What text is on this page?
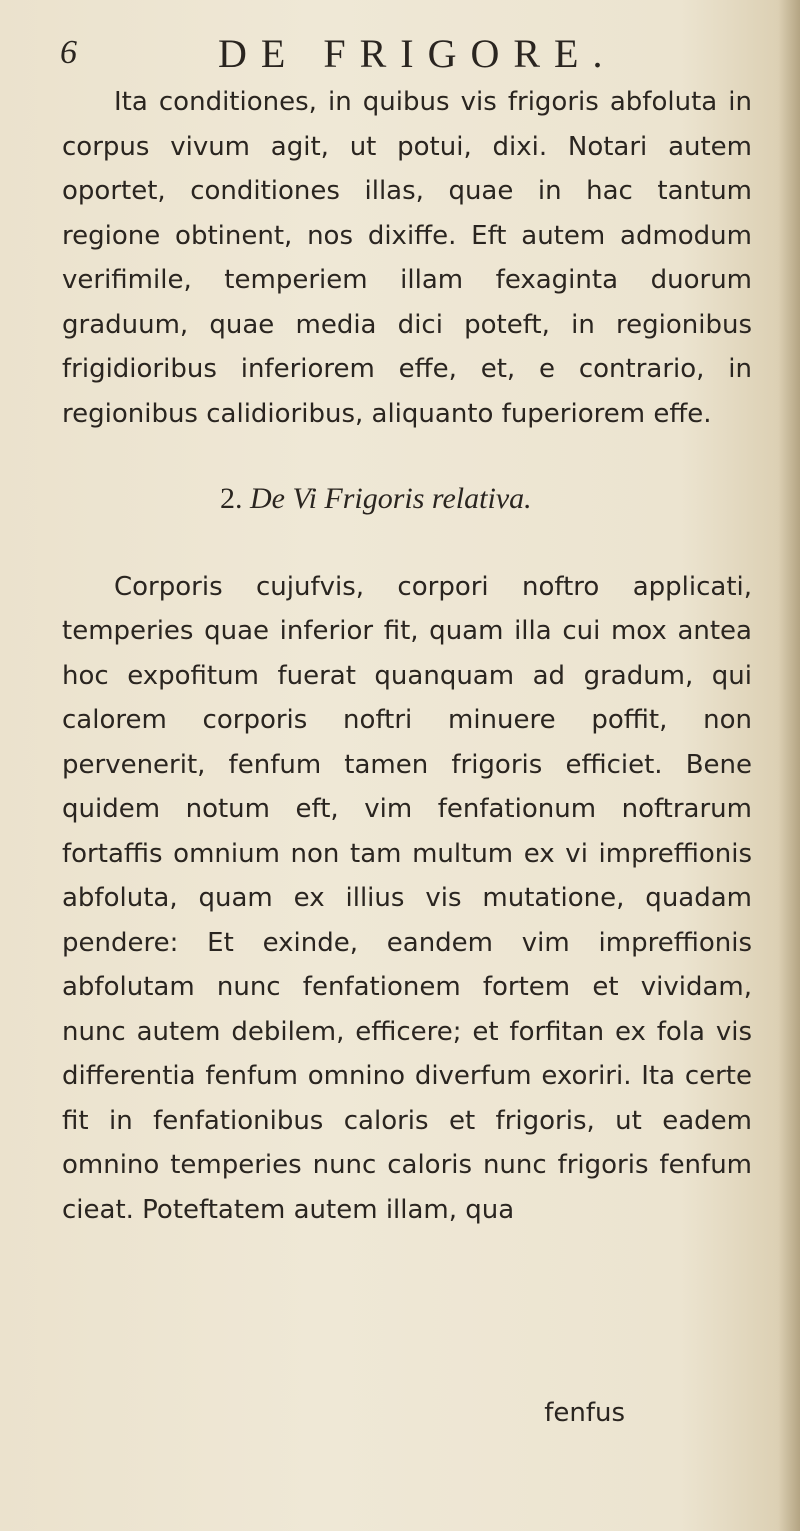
6	DE FRIGORE.

Ita conditiones, in quibus vis frigoris abfoluta in corpus vivum agit, ut potui, dixi. Notari autem oportet, conditiones illas, quae in hac tantum regione obtinent, nos dixiffe. Eft autem admodum verifimile, temperiem illam fexaginta duorum graduum, quae media dici poteft, in regionibus frigidioribus inferiorem effe, et, e contrario, in regionibus calidioribus, aliquanto fuperiorem effe.

2. De Vi Frigoris relativa.

Corporis cujufvis, corpori noftro applicati, temperies quae inferior fit, quam illa cui mox antea hoc expofitum fuerat quanquam ad gradum, qui calorem corporis noftri minuere poffit, non pervenerit, fenfum tamen frigoris efficiet. Bene quidem notum eft, vim fenfationum noftrarum fortaffis omnium non tam multum ex vi impreffionis abfoluta, quam ex illius vis mutatione, quadam pendere: Et exinde, eandem vim impreffionis abfolutam nunc fenfationem fortem et vividam, nunc autem debilem, efficere; et forfitan ex fola vis differentia fenfum omnino diverfum exoriri. Ita certe fit in fenfationibus caloris et frigoris, ut eadem omnino temperies nunc caloris nunc frigoris fenfum cieat. Poteftatem autem illam, qua

fenfus
